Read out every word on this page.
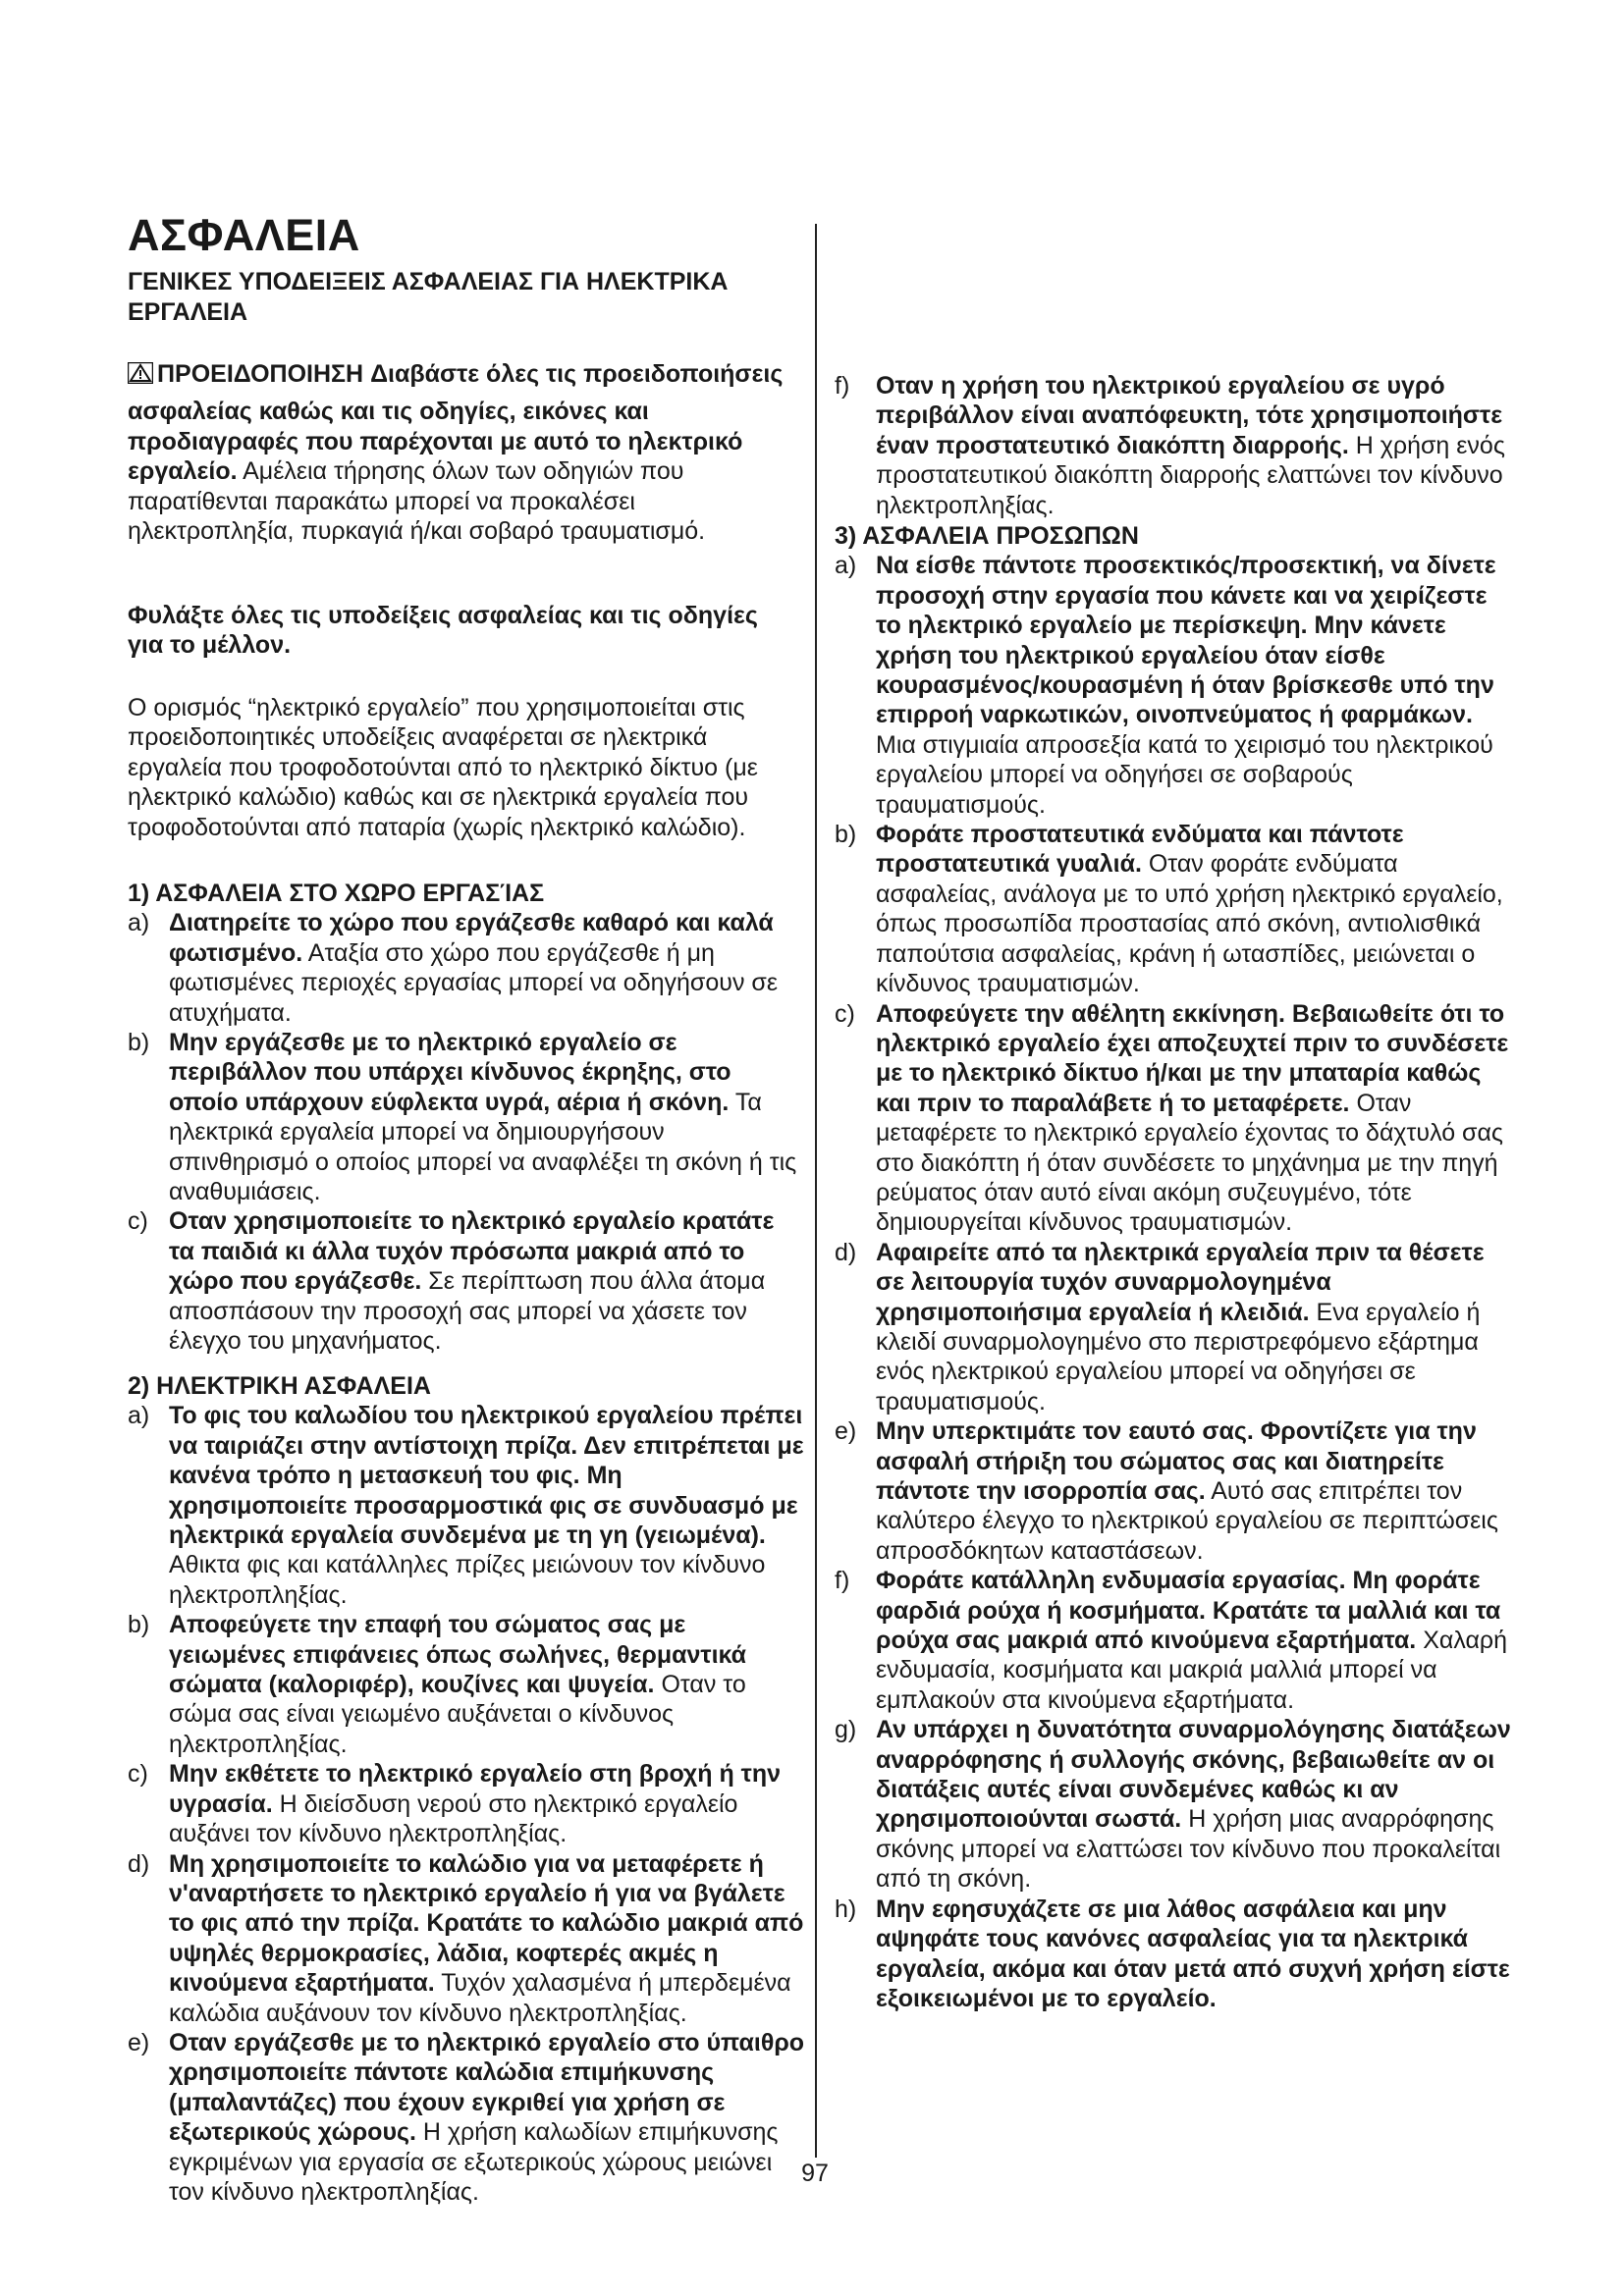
ΑΣΦΑΛΕΙΑ
ΓΕΝΙΚΕΣ ΥΠΟΔΕΙΞΕΙΣ ΑΣΦΑΛΕΙΑΣ ΓΙΑ ΗΛΕΚΤΡΙΚΑ ΕΡΓΑΛΕΙΑ

ΠΡΟΕΙΔΟΠΟΙΗΣΗ Διαβάστε όλες τις προειδοποιήσεις ασφαλείας καθώς και τις οδηγίες, εικόνες και προδιαγραφές που παρέχονται με αυτό το ηλεκτρικό εργαλείο. Αμέλεια τήρησης όλων των οδηγιών που παρατίθενται παρακάτω μπορεί να προκαλέσει ηλεκτροπληξία, πυρκαγιά ή/και σοβαρό τραυματισμό.

Φυλάξτε όλες τις υποδείξεις ασφαλείας και τις οδηγίες για το μέλλον.

Ο ορισμός “ηλεκτρικό εργαλείο” που χρησιμοποιείται στις προειδοποιητικές υποδείξεις αναφέρεται σε ηλεκτρικά εργαλεία που τροφοδοτούνται από το ηλεκτρικό δίκτυο (με ηλεκτρικό καλώδιο) καθώς και σε ηλεκτρικά εργαλεία που τροφοδοτούνται από παταρία (χωρίς ηλεκτρικό καλώδιο).

1) ΑΣΦΑΛΕΙΑ ΣΤΟ ΧΩΡΟ ΕΡΓΑΣΊΑΣ
a) Διατηρείτε το χώρο που εργάζεσθε καθαρό και καλά φωτισμένο. Αταξία στο χώρο που εργάζεσθε ή μη φωτισμένες περιοχές εργασίας μπορεί να οδηγήσουν σε ατυχήματα.
b) Μην εργάζεσθε με το ηλεκτρικό εργαλείο σε περιβάλλον που υπάρχει κίνδυνος έκρηξης, στο οποίο υπάρχουν εύφλεκτα υγρά, αέρια ή σκόνη. Τα ηλεκτρικά εργαλεία μπορεί να δημιουργήσουν σπινθηρισμό ο οποίος μπορεί να αναφλέξει τη σκόνη ή τις αναθυμιάσεις.
c) Οταν χρησιμοποιείτε το ηλεκτρικό εργαλείο κρατάτε τα παιδιά κι άλλα τυχόν πρόσωπα μακριά από το χώρο που εργάζεσθε. Σε περίπτωση που άλλα άτομα αποσπάσουν την προσοχή σας μπορεί να χάσετε τον έλεγχο του μηχανήματος.
2) ΗΛΕΚΤΡΙΚΗ ΑΣΦΑΛΕΙΑ
a) Το φις του καλωδίου του ηλεκτρικού εργαλείου πρέπει να ταιριάζει στην αντίστοιχη πρίζα. Δεν επιτρέπεται με κανένα τρόπο η μετασκευή του φις. Μη χρησιμοποιείτε προσαρμοστικά φις σε συνδυασμό με ηλεκτρικά εργαλεία συνδεμένα με τη γη (γειωμένα). Αθικτα φις και κατάλληλες πρίζες μειώνουν τον κίνδυνο ηλεκτροπληξίας.
b) Αποφεύγετε την επαφή του σώματος σας με γειωμένες επιφάνειες όπως σωλήνες, θερμαντικά σώματα (καλοριφέρ), κουζίνες και ψυγεία. Οταν το σώμα σας είναι γειωμένο αυξάνεται ο κίνδυνος ηλεκτροπληξίας.
c) Μην εκθέτετε το ηλεκτρικό εργαλείο στη βροχή ή την υγρασία. Η διείσδυση νερού στο ηλεκτρικό εργαλείο αυξάνει τον κίνδυνο ηλεκτροπληξίας.
d) Μη χρησιμοποιείτε το καλώδιο για να μεταφέρετε ή ν'αναρτήσετε το ηλεκτρικό εργαλείο ή για να βγάλετε το φις από την πρίζα. Κρατάτε το καλώδιο μακριά από υψηλές θερμοκρασίες, λάδια, κοφτερές ακμές η κινούμενα εξαρτήματα. Τυχόν χαλασμένα ή μπερδεμένα καλώδια αυξάνουν τον κίνδυνο ηλεκτροπληξίας.
e) Οταν εργάζεσθε με το ηλεκτρικό εργαλείο στο ύπαιθρο χρησιμοποιείτε πάντοτε καλώδια επιμήκυνσης (μπαλαντάζες) που έχουν εγκριθεί για χρήση σε εξωτερικούς χώρους. Η χρήση καλωδίων επιμήκυνσης εγκριμένων για εργασία σε εξωτερικούς χώρους μειώνει τον κίνδυνο ηλεκτροπληξίας.
f) Οταν η χρήση του ηλεκτρικού εργαλείου σε υγρό περιβάλλον είναι αναπόφευκτη, τότε χρησιμοποιήστε έναν προστατευτικό διακόπτη διαρροής. Η χρήση ενός προστατευτικού διακόπτη διαρροής ελαττώνει τον κίνδυνο ηλεκτροπληξίας.
3) ΑΣΦΑΛΕΙΑ ΠΡΟΣΩΠΩΝ
a) Να είσθε πάντοτε προσεκτικός/προσεκτική, να δίνετε προσοχή στην εργασία που κάνετε και να χειρίζεστε το ηλεκτρικό εργαλείο με περίσκεψη. Μην κάνετε χρήση του ηλεκτρικού εργαλείου όταν είσθε κουρασμένος/κουρασμένη ή όταν βρίσκεσθε υπό την επιρροή ναρκωτικών, οινοπνεύματος ή φαρμάκων. Μια στιγμιαία απροσεξία κατά το χειρισμό του ηλεκτρικού εργαλείου μπορεί να οδηγήσει σε σοβαρούς τραυματισμούς.
b) Φοράτε προστατευτικά ενδύματα και πάντοτε προστατευτικά γυαλιά. Οταν φοράτε ενδύματα ασφαλείας, ανάλογα με το υπό χρήση ηλεκτρικό εργαλείο, όπως προσωπίδα προστασίας από σκόνη, αντιολισθικά παπούτσια ασφαλείας, κράνη ή ωτασπίδες, μειώνεται ο κίνδυνος τραυματισμών.
c) Αποφεύγετε την αθέλητη εκκίνηση. Βεβαιωθείτε ότι το ηλεκτρικό εργαλείο έχει αποζευχτεί πριν το συνδέσετε με το ηλεκτρικό δίκτυο ή/και με την μπαταρία καθώς και πριν το παραλάβετε ή το μεταφέρετε. Οταν μεταφέρετε το ηλεκτρικό εργαλείο έχοντας το δάχτυλό σας στο διακόπτη ή όταν συνδέσετε το μηχάνημα με την πηγή ρεύματος όταν αυτό είναι ακόμη συζευγμένο, τότε δημιουργείται κίνδυνος τραυματισμών.
d) Αφαιρείτε από τα ηλεκτρικά εργαλεία πριν τα θέσετε σε λειτουργία τυχόν συναρμολογημένα χρησιμοποιήσιμα εργαλεία ή κλειδιά. Ενα εργαλείο ή κλειδί συναρμολογημένο στο περιστρεφόμενο εξάρτημα ενός ηλεκτρικού εργαλείου μπορεί να οδηγήσει σε τραυματισμούς.
e) Μην υπερκτιμάτε τον εαυτό σας. Φροντίζετε για την ασφαλή στήριξη του σώματος σας και διατηρείτε πάντοτε την ισορροπία σας. Αυτό σας επιτρέπει τον καλύτερο έλεγχο το ηλεκτρικού εργαλείου σε περιπτώσεις απροσδόκητων καταστάσεων.
f) Φοράτε κατάλληλη ενδυμασία εργασίας. Μη φοράτε φαρδιά ρούχα ή κοσμήματα. Κρατάτε τα μαλλιά και τα ρούχα σας μακριά από κινούμενα εξαρτήματα. Χαλαρή ενδυμασία, κοσμήματα και μακριά μαλλιά μπορεί να εμπλακούν στα κινούμενα εξαρτήματα.
g) Αν υπάρχει η δυνατότητα συναρμολόγησης διατάξεων αναρρόφησης ή συλλογής σκόνης, βεβαιωθείτε αν οι διατάξεις αυτές είναι συνδεμένες καθώς κι αν χρησιμοποιούνται σωστά. Η χρήση μιας αναρρόφησης σκόνης μπορεί να ελαττώσει τον κίνδυνο που προκαλείται από τη σκόνη.
h) Μην εφησυχάζετε σε μια λάθος ασφάλεια και μην αψηφάτε τους κανόνες ασφαλείας για τα ηλεκτρικά εργαλεία, ακόμα και όταν μετά από συχνή χρήση είστε εξοικειωμένοι με το εργαλείο.
97
